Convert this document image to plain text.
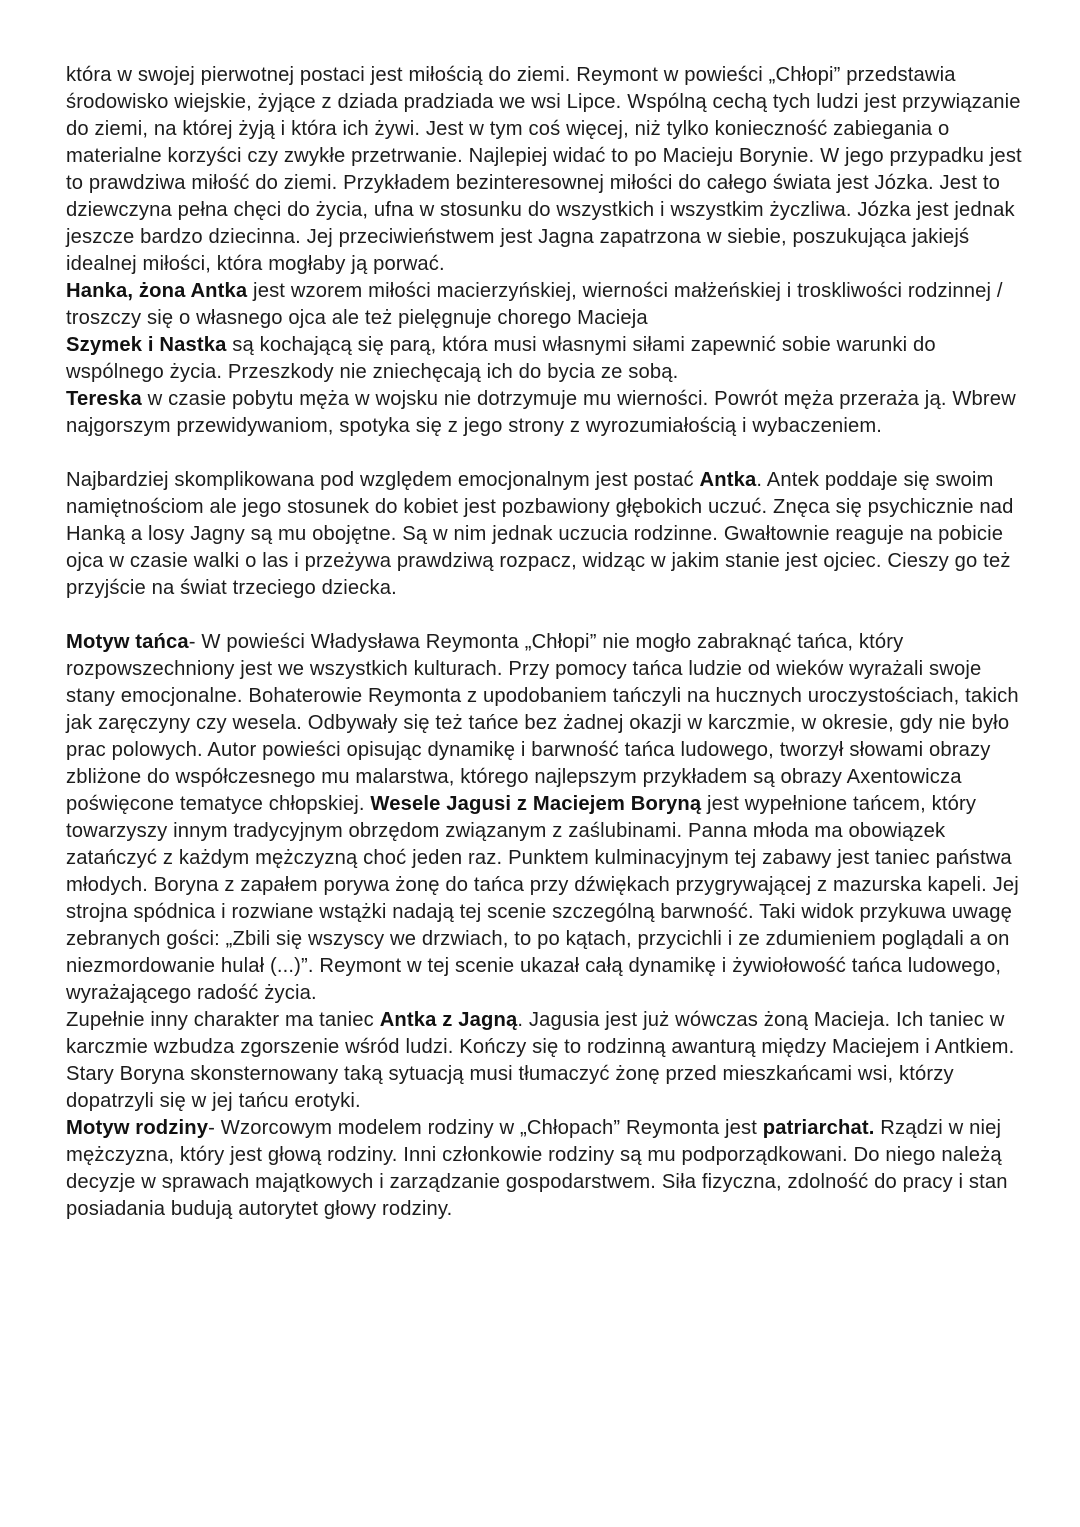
która w swojej pierwotnej postaci jest miłością do ziemi. Reymont w powieści „Chłopi” przedstawia środowisko wiejskie, żyjące z dziada pradziada we wsi Lipce. Wspólną cechą tych ludzi jest przywiązanie do ziemi, na której żyją i która ich żywi. Jest w tym coś więcej, niż tylko konieczność zabiegania o materialne korzyści czy zwykłe przetrwanie. Najlepiej widać to po Macieju Borynie. W jego przypadku jest to prawdziwa miłość do ziemi. Przykładem bezinteresownej miłości do całego świata jest Józka. Jest to dziewczyna pełna chęci do życia, ufna w stosunku do wszystkich i wszystkim życzliwa. Józka jest jednak jeszcze bardzo dziecinna. Jej przeciwieństwem jest Jagna zapatrzona w siebie, poszukująca jakiejś idealnej miłości, która mogłaby ją porwać.

Hanka, żona Antka jest wzorem miłości macierzyńskiej, wierności małżeńskiej i troskliwości rodzinnej / troszczy się o własnego ojca ale też pielęgnuje chorego Macieja

Szymek i Nastka są kochającą się parą, która musi własnymi siłami zapewnić sobie warunki do wspólnego życia. Przeszkody nie zniechęcają ich do bycia ze sobą.

Tereska w czasie pobytu męża w wojsku nie dotrzymuje mu wierności. Powrót męża przeraża ją. Wbrew najgorszym przewidywaniom, spotyka się z jego strony z wyrozumiałością i wybaczeniem.

Najbardziej skomplikowana pod względem emocjonalnym jest postać Antka. Antek poddaje się swoim namiętnościom ale jego stosunek do kobiet jest pozbawiony głębokich uczuć. Znęca się psychicznie nad Hanką a losy Jagny są mu obojętne. Są w nim jednak uczucia rodzinne. Gwałtownie reaguje na pobicie ojca w czasie walki o las i przeżywa prawdziwą rozpacz, widząc w jakim stanie jest ojciec. Cieszy go też przyjście na świat trzeciego dziecka.

Motyw tańca- W powieści Władysława Reymonta „Chłopi” nie mogło zabraknąć tańca, który rozpowszechniony jest we wszystkich kulturach. Przy pomocy tańca ludzie od wieków wyrażali swoje stany emocjonalne. Bohaterowie Reymonta z upodobaniem tańczyli na hucznych uroczystościach, takich jak zaręczyny czy wesela. Odbywały się też tańce bez żadnej okazji w karczmie, w okresie, gdy nie było prac polowych. Autor powieści opisując dynamikę i barwność tańca ludowego, tworzył słowami obrazy zbliżone do współczesnego mu malarstwa, którego najlepszym przykładem są obrazy Axentowicza poświęcone tematyce chłopskiej. Wesele Jagusi z Maciejem Boryną jest wypełnione tańcem, który towarzyszy innym tradycyjnym obrzędom związanym z zaślubinami. Panna młoda ma obowiązek zatańczyć z każdym mężczyzną choć jeden raz. Punktem kulminacyjnym tej zabawy jest taniec państwa młodych. Boryna z zapałem porywa żonę do tańca przy dźwiękach przygrywającej z mazurska kapeli. Jej strojna spódnica i rozwiane wstążki nadają tej scenie szczególną barwność. Taki widok przykuwa uwagę zebranych gości: „Zbili się wszyscy we drzwiach, to po kątach, przycichli i ze zdumieniem poglądali a on niezmordowanie hulał (...)”. Reymont w tej scenie ukazał całą dynamikę i żywiołowość tańca ludowego, wyrażającego radość życia.

Zupełnie inny charakter ma taniec Antka z Jagną. Jagusia jest już wówczas żoną Macieja. Ich taniec w karczmie wzbudza zgorszenie wśród ludzi. Kończy się to rodzinną awanturą między Maciejem i Antkiem. Stary Boryna skonsternowany taką sytuacją musi tłumaczyć żonę przed mieszkańcami wsi, którzy dopatrzyli się w jej tańcu erotyki.

Motyw rodziny- Wzorcowym modelem rodziny w „Chłopach” Reymonta jest patriarchat. Rządzi w niej mężczyzna, który jest głową rodziny. Inni członkowie rodziny są mu podporządkowani. Do niego należą decyzje w sprawach majątkowych i zarządzanie gospodarstwem. Siła fizyczna, zdolność do pracy i stan posiadania budują autorytet głowy rodziny.
